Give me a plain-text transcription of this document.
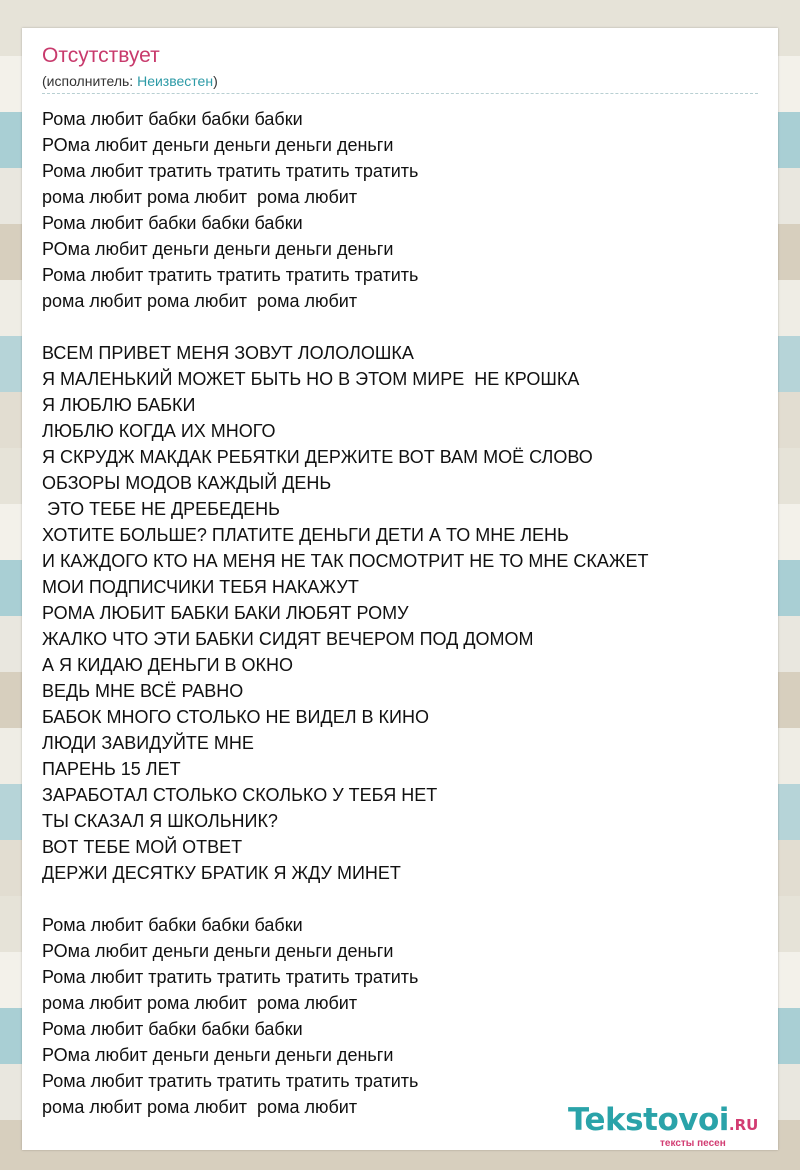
Отсутствует
(исполнитель: Неизвестен)
Рома любит бабки бабки бабки
РОма любит деньги деньги деньги деньги
Рома любит тратить тратить тратить тратить
рома любит рома любит  рома любит
Рома любит бабки бабки бабки
РОма любит деньги деньги деньги деньги
Рома любит тратить тратить тратить тратить
рома любит рома любит  рома любит
ВСЕМ ПРИВЕТ МЕНЯ ЗОВУТ ЛОЛОЛОШКА
Я МАЛЕНЬКИЙ МОЖЕТ БЫТЬ НО В ЭТОМ МИРЕ  НЕ КРОШКА
Я ЛЮБЛЮ БАБКИ
ЛЮБЛЮ КОГДА ИХ МНОГО
Я СКРУДЖ МАКДАК РЕБЯТКИ ДЕРЖИТЕ ВОТ ВАМ МОЁ СЛОВО
ОБЗОРЫ МОДОВ КАЖДЫЙ ДЕНЬ
ЭТО ТЕБЕ НЕ ДРЕБЕДЕНЬ
ХОТИТЕ БОЛЬШЕ? ПЛАТИТЕ ДЕНЬГИ ДЕТИ А ТО МНЕ ЛЕНЬ
И КАЖДОГО КТО НА МЕНЯ НЕ ТАК ПОСМОТРИТ НЕ ТО МНЕ СКАЖЕТ
МОИ ПОДПИСЧИКИ ТЕБЯ НАКАЖУТ
РОМА ЛЮБИТ БАБКИ БАКИ ЛЮБЯТ РОМУ
ЖАЛКО ЧТО ЭТИ БАБКИ СИДЯТ ВЕЧЕРОМ ПОД ДОМОМ
А Я КИДАЮ ДЕНЬГИ В ОКНО
ВЕДЬ МНЕ ВСЁ РАВНО
БАБОК МНОГО СТОЛЬКО НЕ ВИДЕЛ В КИНО
ЛЮДИ ЗАВИДУЙТЕ МНЕ
ПАРЕНЬ 15 ЛЕТ
ЗАРАБОТАЛ СТОЛЬКО СКОЛЬКО У ТЕБЯ НЕТ
ТЫ СКАЗАЛ Я ШКОЛЬНИК?
ВОТ ТЕБЕ МОЙ ОТВЕТ
ДЕРЖИ ДЕСЯТКУ БРАТИК Я ЖДУ МИНЕТ
Рома любит бабки бабки бабки
РОма любит деньги деньги деньги деньги
Рома любит тратить тратить тратить тратить
рома любит рома любит  рома любит
Рома любит бабки бабки бабки
РОма любит деньги деньги деньги деньги
Рома любит тратить тратить тратить тратить
рома любит рома любит  рома любит	Tekstovoi.RU
тексты песен
